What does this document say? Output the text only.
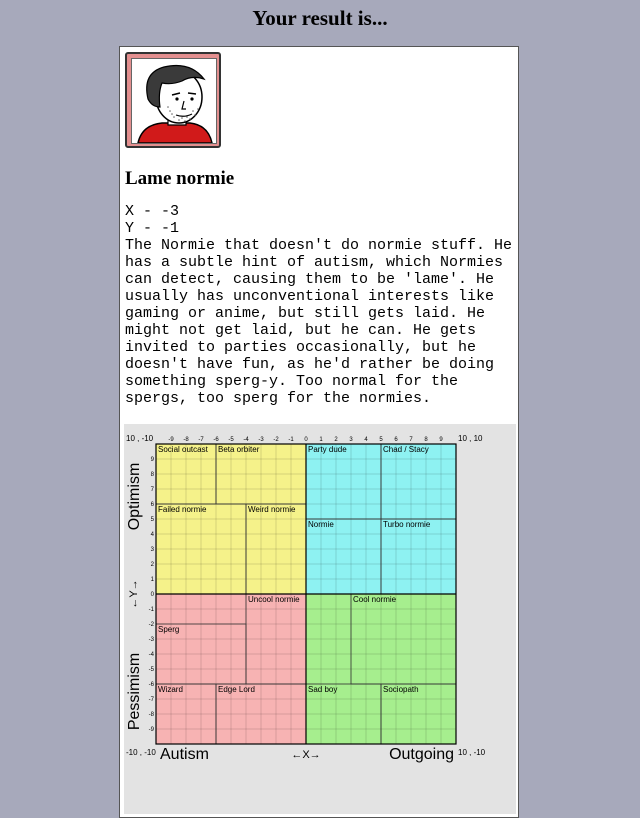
Your result is...
Lame normie
X - -3
Y - -1
The Normie that doesn't do normie stuff. He has a subtle hint of autism, which Normies can detect, causing them to be 'lame'. He usually has unconventional interests like gaming or anime, but still gets laid. He might not get laid, but he can. He gets invited to parties occasionally, but he doesn't have fun, as he'd rather be doing something sperg-y. Too normal for the spergs, too sperg for the normies.
Social outcast Beta orbiter	Party dude	Chad / Stacy
Failed normie	Weird normie
Normie	Turbo normie
Uncool normie	Cool normie
Sperg
Wizard	Edge Lord	Sad boy	Sociopath
-9 -8 -7 -6 -5 -4 -3 -2 -1 0 1 2 3 4 5 6 7 8 9
9
8
7
6
5
4
3
2
1
0
-1
-2
-3
-4
-5
-6
-7
-8
-9
10 , -10	10 , 10
-10 , -10	10 , -10
Autism	←X→	Outgoing
Optimism
←Y→
Pessimism
